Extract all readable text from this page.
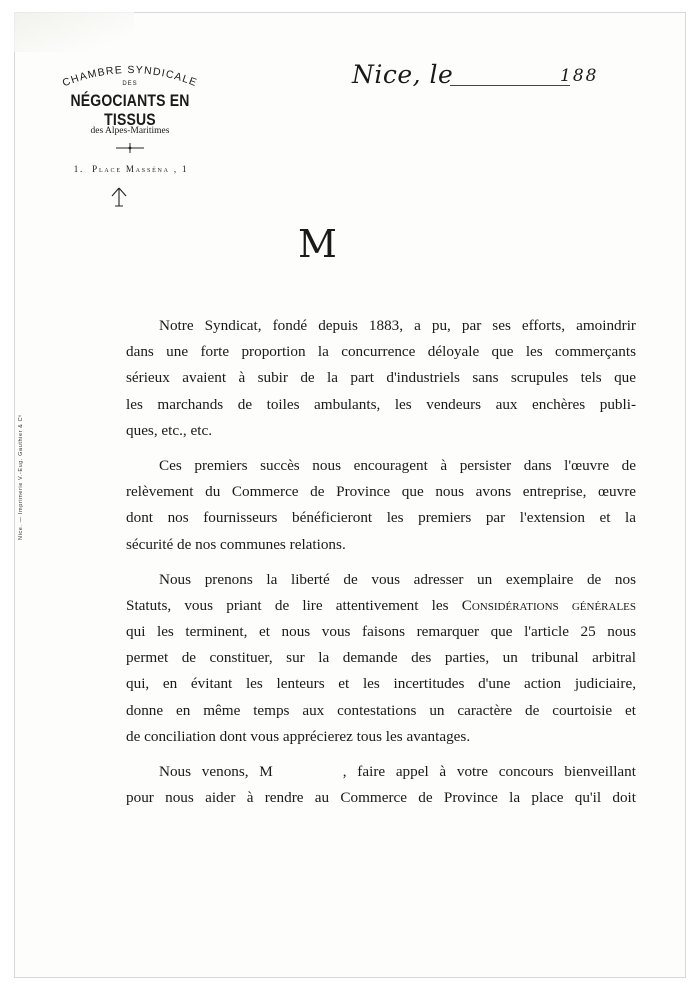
CHAMBRE SYNDICALE
DES
NÉGOCIANTS EN TISSUS
des Alpes-Maritimes
1. Place Masséna , 1
Nice, le	188
M
Nice. — Imprimerie V.-Eug. Gauthier & Cᵉ
Notre Syndicat, fondé depuis 1883, a pu, par ses efforts, amoindrir
dans une forte proportion la concurrence déloyale que les commerçants
sérieux avaient à subir de la part d'industriels sans scrupules tels que
les marchands de toiles ambulants, les vendeurs aux enchères publi-
ques, etc., etc.
Ces premiers succès nous encouragent à persister dans l'œuvre de
relèvement du Commerce de Province que nous avons entreprise, œuvre
dont nos fournisseurs bénéficieront les premiers par l'extension et la
sécurité de nos communes relations.
Nous prenons la liberté de vous adresser un exemplaire de nos
Statuts, vous priant de lire attentivement les Considérations générales
qui les terminent, et nous vous faisons remarquer que l'article 25 nous
permet de constituer, sur la demande des parties, un tribunal arbitral
qui, en évitant les lenteurs et les incertitudes d'une action judiciaire,
donne en même temps aux contestations un caractère de courtoisie et
de conciliation dont vous apprécierez tous les avantages.
Nous venons, M	, faire appel à votre concours bienveillant
pour nous aider à rendre au Commerce de Province la place qu'il doit
